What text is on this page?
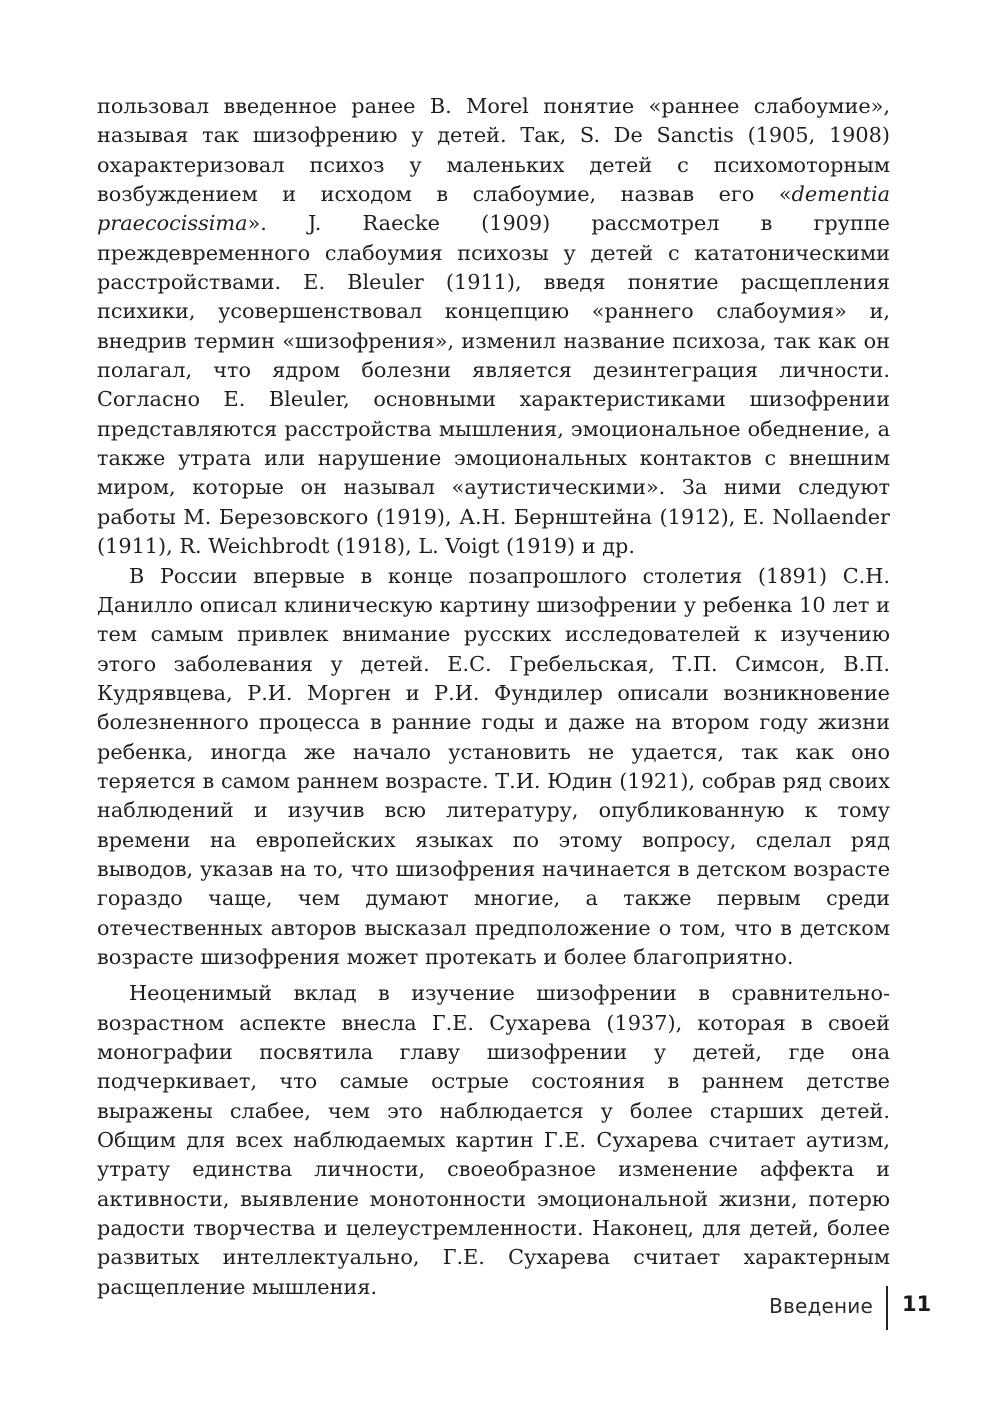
пользовал введенное ранее B. Morel понятие «раннее слабоумие», называя так шизофрению у детей. Так, S. De Sanctis (1905, 1908) охарактеризовал психоз у маленьких детей с психомоторным возбуждением и исходом в слабоумие, назвав его «dementia praecocissima». J. Raecke (1909) рассмотрел в группе преждевременного слабоумия психозы у детей с кататоническими расстройствами. E. Bleuler (1911), введя понятие расщепления психики, усовершенствовал концепцию «раннего слабоумия» и, внедрив термин «шизофрения», изменил название психоза, так как он полагал, что ядром болезни является дезинтеграция личности. Согласно E. Bleuler, основными характеристиками шизофрении представляются расстройства мышления, эмоциональное обеднение, а также утрата или нарушение эмоциональных контактов с внешним миром, которые он называл «аутистическими». За ними следуют работы М. Березовского (1919), А.Н. Бернштейна (1912), E. Nollaender (1911), R. Weichbrodt (1918), L. Voigt (1919) и др.

В России впервые в конце позапрошлого столетия (1891) С.Н. Данилло описал клиническую картину шизофрении у ребенка 10 лет и тем самым привлек внимание русских исследователей к изучению этого заболевания у детей. Е.С. Гребельская, Т.П. Симсон, В.П. Кудрявцева, Р.И. Морген и Р.И. Фундилер описали возникновение болезненного процесса в ранние годы и даже на втором году жизни ребенка, иногда же начало установить не удается, так как оно теряется в самом раннем возрасте. Т.И. Юдин (1921), собрав ряд своих наблюдений и изучив всю литературу, опубликованную к тому времени на европейских языках по этому вопросу, сделал ряд выводов, указав на то, что шизофрения начинается в детском возрасте гораздо чаще, чем думают многие, а также первым среди отечественных авторов высказал предположение о том, что в детском возрасте шизофрения может протекать и более благоприятно.

Неоценимый вклад в изучение шизофрении в сравнительно-возрастном аспекте внесла Г.Е. Сухарева (1937), которая в своей монографии посвятила главу шизофрении у детей, где она подчеркивает, что самые острые состояния в раннем детстве выражены слабее, чем это наблюдается у более старших детей. Общим для всех наблюдаемых картин Г.Е. Сухарева считает аутизм, утрату единства личности, своеобразное изменение аффекта и активности, выявление монотонности эмоциональной жизни, потерю радости творчества и целеустремленности. Наконец, для детей, более развитых интеллектуально, Г.Е. Сухарева считает характерным расщепление мышления.

Введение 11
